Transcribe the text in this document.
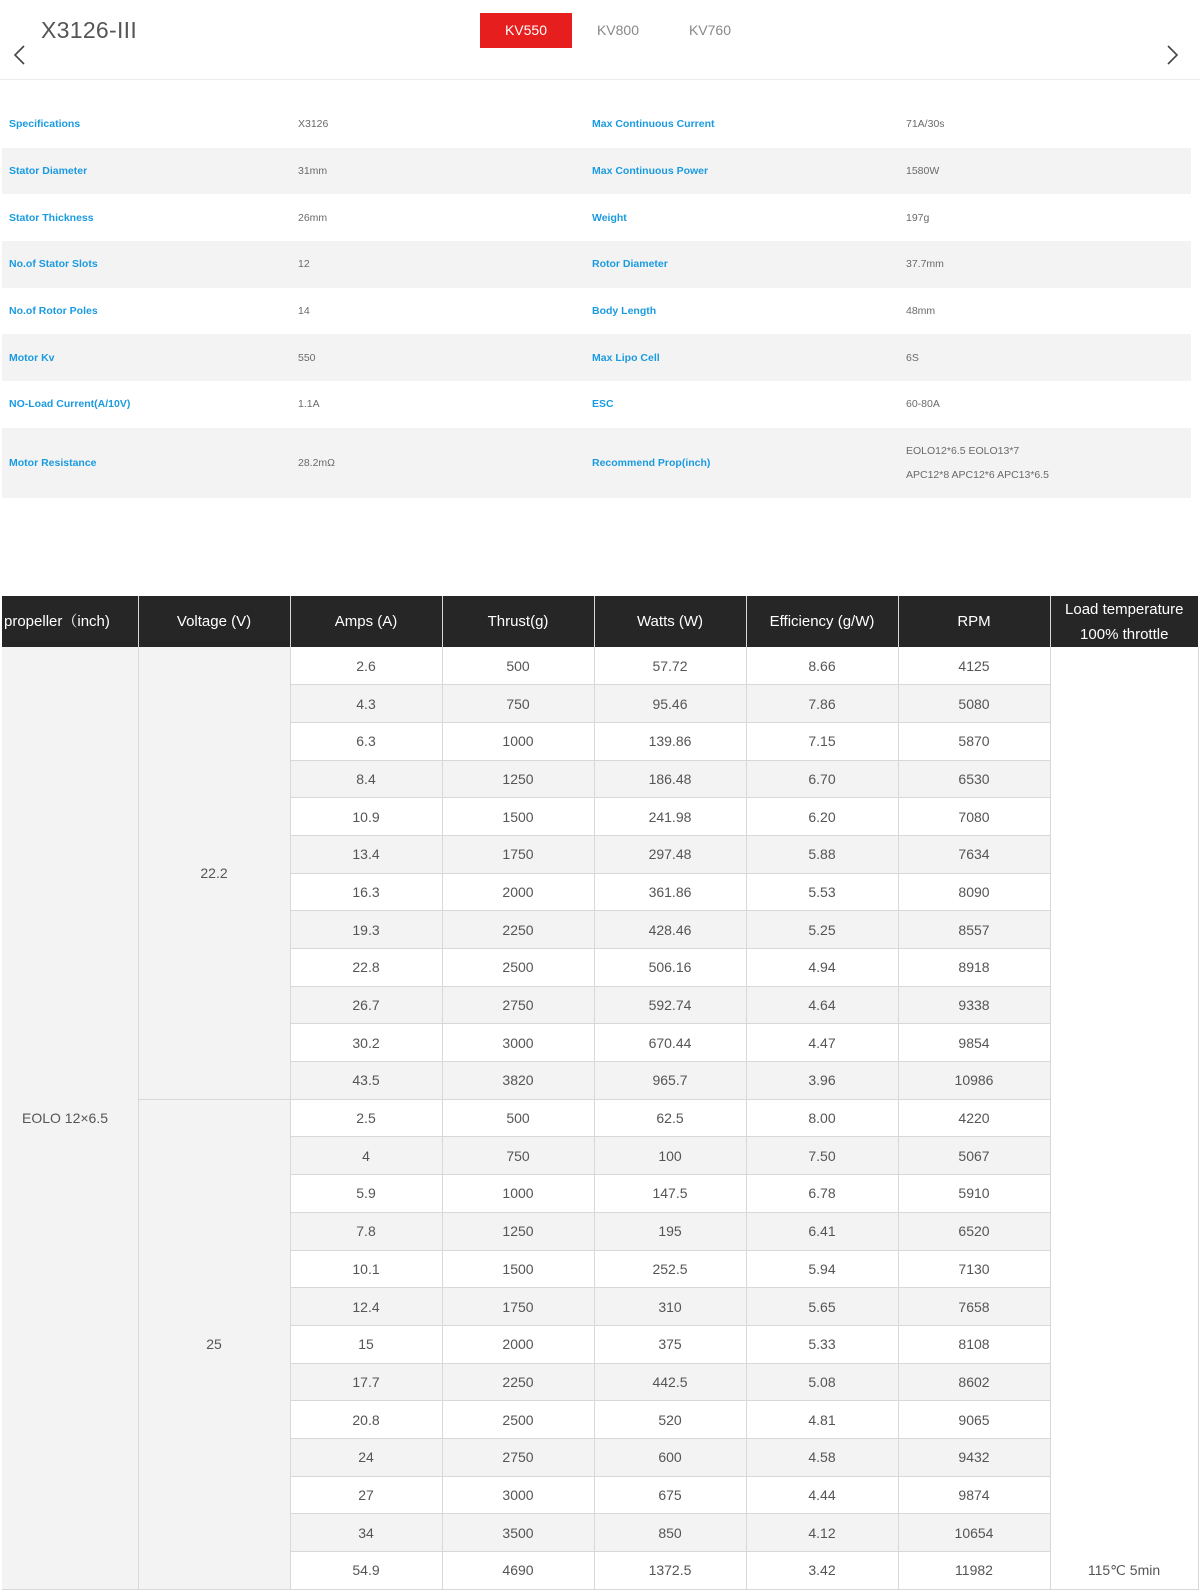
X3126-III	KV550	KV800	KV760
Specifications	X3126	Max Continuous Current	71A/30s
Stator Diameter	31mm	Max Continuous Power	1580W
Stator Thickness	26mm	Weight	197g
No.of Stator Slots	12	Rotor Diameter	37.7mm
No.of Rotor Poles	14	Body Length	48mm
Motor Kv	550	Max Lipo Cell	6S
NO-Load Current(A/10V)	1.1A	ESC	60-80A
Motor Resistance	28.2mΩ	Recommend Prop(inch)
EOLO12*6.5 EOLO13*7
APC12*8 APC12*6 APC13*6.5
propeller（inch)	Voltage (V)	Amps (A)	Thrust(g)	Watts (W)	Efficiency (g/W)	RPM	Load temperature
100% throttle

EOLO 12×6.5	22.2	2.6	500	57.72	8.66	4125	
		4.3	750	95.46	7.86	5080	
		6.3	1000	139.86	7.15	5870	
		8.4	1250	186.48	6.70	6530	
		10.9	1500	241.98	6.20	7080	
		13.4	1750	297.48	5.88	7634	
		16.3	2000	361.86	5.53	8090	
		19.3	2250	428.46	5.25	8557	
		22.8	2500	506.16	4.94	8918	
		26.7	2750	592.74	4.64	9338	
		30.2	3000	670.44	4.47	9854	
		43.5	3820	965.7	3.96	10986	
	25	2.5	500	62.5	8.00	4220	
		4	750	100	7.50	5067	
		5.9	1000	147.5	6.78	5910	
		7.8	1250	195	6.41	6520	
		10.1	1500	252.5	5.94	7130	
		12.4	1750	310	5.65	7658	
		15	2000	375	5.33	8108	
		17.7	2250	442.5	5.08	8602	
		20.8	2500	520	4.81	9065	
		24	2750	600	4.58	9432	
		27	3000	675	4.44	9874	
		34	3500	850	4.12	10654	
		54.9	4690	1372.5	3.42	11982	115℃ 5min
